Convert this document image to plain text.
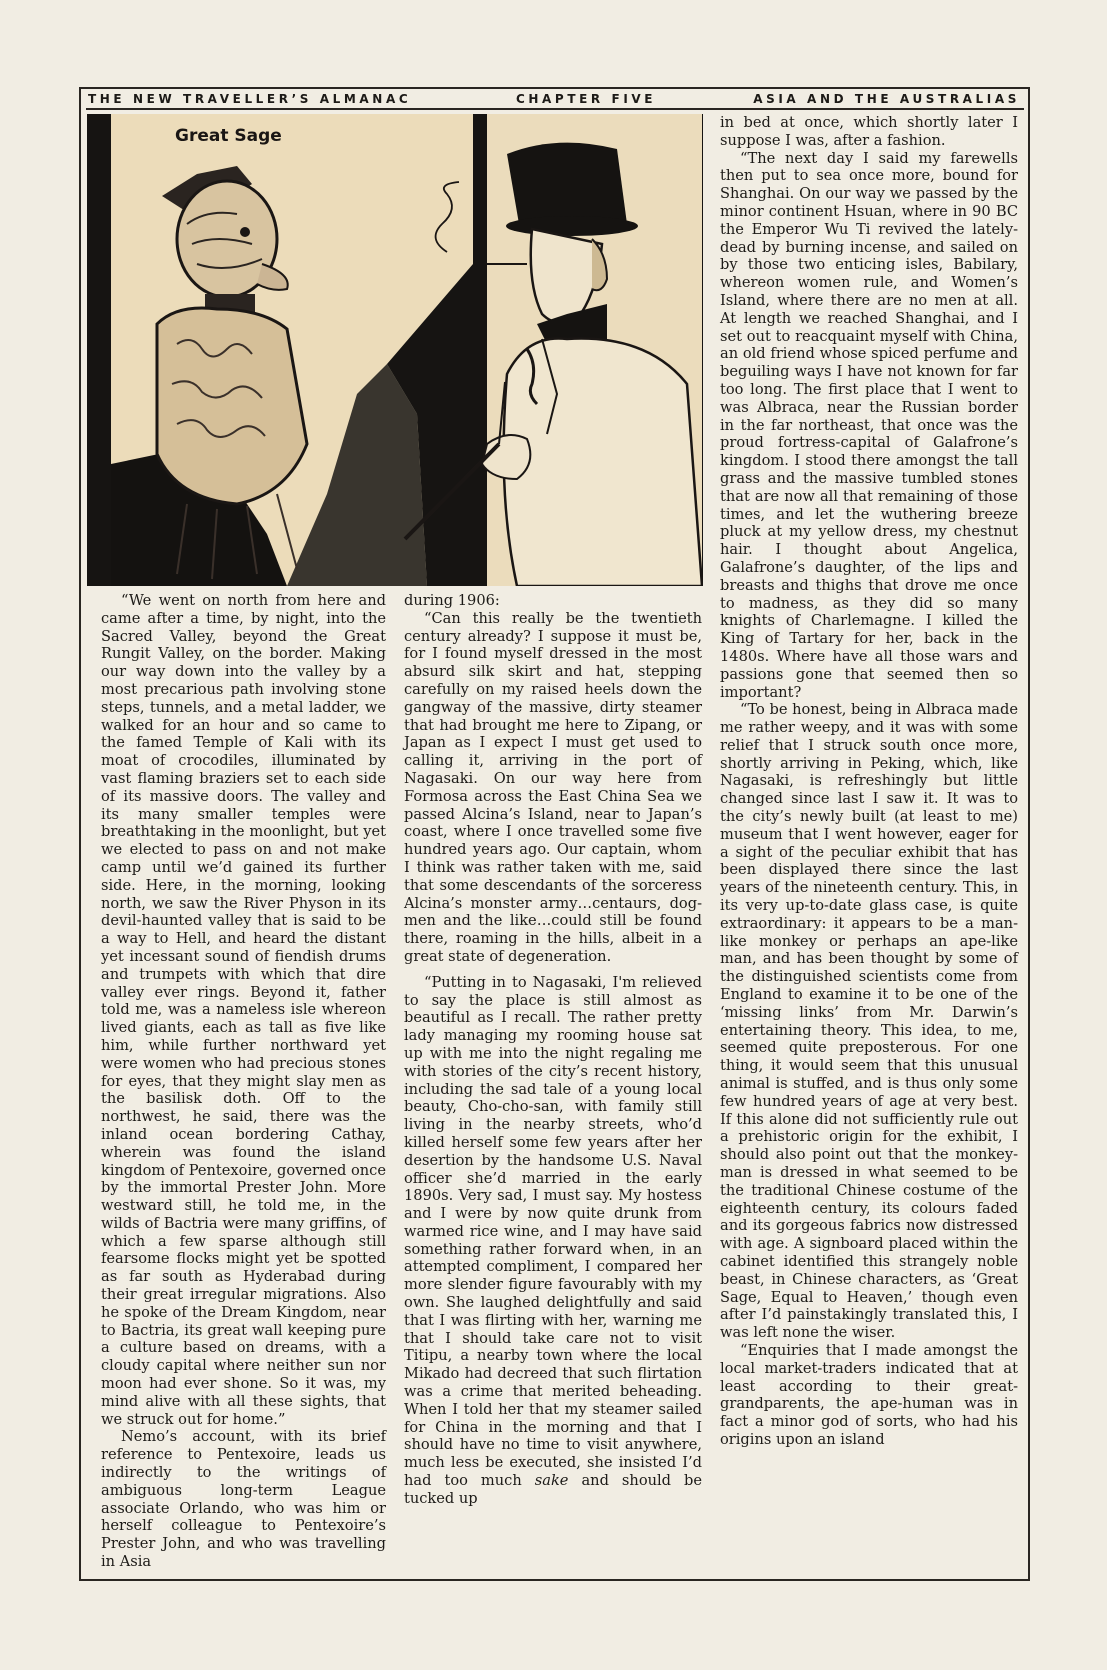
THE NEW TRAVELLER’S ALMANAC	CHAPTER FIVE	ASIA AND THE AUSTRALIAS
Great Sage

“We went on north from here and came after a time, by night, into the Sacred Valley, beyond the Great Rungit Valley, on the border. Making our way down into the valley by a most precarious path involving stone steps, tunnels, and a metal ladder, we walked for an hour and so came to the famed Temple of Kali with its moat of crocodiles, illuminated by vast flaming braziers set to each side of its massive doors. The valley and its many smaller temples were breathtaking in the moonlight, but yet we elected to pass on and not make camp until we’d gained its further side. Here, in the morning, looking north, we saw the River Physon in its devil-haunted valley that is said to be a way to Hell, and heard the distant yet incessant sound of fiendish drums and trumpets with which that dire valley ever rings. Beyond it, father told me, was a nameless isle whereon lived giants, each as tall as five like him, while further northward yet were women who had precious stones for eyes, that they might slay men as the basilisk doth. Off to the northwest, he said, there was the inland ocean bordering Cathay, wherein was found the island kingdom of Pentexoire, governed once by the immortal Prester John. More westward still, he told me, in the wilds of Bactria were many griffins, of which a few sparse although still fearsome flocks might yet be spotted as far south as Hyderabad during their great irregular migrations. Also he spoke of the Dream Kingdom, near to Bactria, its great wall keeping pure a culture based on dreams, with a cloudy capital where neither sun nor moon had ever shone. So it was, my mind alive with all these sights, that we struck out for home.”

Nemo’s account, with its brief reference to Pentexoire, leads us indirectly to the writings of ambiguous long-term League associate Orlando, who was him or herself colleague to Pentexoire’s Prester John, and who was travelling in Asia

during 1906:

“Can this really be the twentieth century already? I suppose it must be, for I found myself dressed in the most absurd silk skirt and hat, stepping carefully on my raised heels down the gangway of the massive, dirty steamer that had brought me here to Zipang, or Japan as I expect I must get used to calling it, arriving in the port of Nagasaki. On our way here from Formosa across the East China Sea we passed Alcina’s Island, near to Japan’s coast, where I once travelled some five hundred years ago. Our captain, whom I think was rather taken with me, said that some descendants of the sorceress Alcina’s monster army…centaurs, dog-men and the like…could still be found there, roaming in the hills, albeit in a great state of degeneration.

“Putting in to Nagasaki, I'm relieved to say the place is still almost as beautiful as I recall. The rather pretty lady managing my rooming house sat up with me into the night regaling me with stories of the city’s recent history, including the sad tale of a young local beauty, Cho-cho-san, with family still living in the nearby streets, who’d killed herself some few years after her desertion by the handsome U.S. Naval officer she’d married in the early 1890s. Very sad, I must say. My hostess and I were by now quite drunk from warmed rice wine, and I may have said something rather forward when, in an attempted compliment, I compared her more slender figure favourably with my own. She laughed delightfully and said that I was flirting with her, warning me that I should take care not to visit Titipu, a nearby town where the local Mikado had decreed that such flirtation was a crime that merited beheading. When I told her that my steamer sailed for China in the morning and that I should have no time to visit anywhere, much less be executed, she insisted I’d had too much sake and should be tucked up

in bed at once, which shortly later I suppose I was, after a fashion.

“The next day I said my farewells then put to sea once more, bound for Shanghai. On our way we passed by the minor continent Hsuan, where in 90 BC the Emperor Wu Ti revived the lately-dead by burning incense, and sailed on by those two enticing isles, Babilary, whereon women rule, and Women’s Island, where there are no men at all. At length we reached Shanghai, and I set out to reacquaint myself with China, an old friend whose spiced perfume and beguiling ways I have not known for far too long. The first place that I went to was Albraca, near the Russian border in the far northeast, that once was the proud fortress-capital of Galafrone’s kingdom. I stood there amongst the tall grass and the massive tumbled stones that are now all that remaining of those times, and let the wuthering breeze pluck at my yellow dress, my chestnut hair. I thought about Angelica, Galafrone’s daughter, of the lips and breasts and thighs that drove me once to madness, as they did so many knights of Charlemagne. I killed the King of Tartary for her, back in the 1480s. Where have all those wars and passions gone that seemed then so important?

“To be honest, being in Albraca made me rather weepy, and it was with some relief that I struck south once more, shortly arriving in Peking, which, like Nagasaki, is refreshingly but little changed since last I saw it. It was to the city’s newly built (at least to me) museum that I went however, eager for a sight of the peculiar exhibit that has been displayed there since the last years of the nineteenth century. This, in its very up-to-date glass case, is quite extraordinary: it appears to be a man-like monkey or perhaps an ape-like man, and has been thought by some of the distinguished scientists come from England to examine it to be one of the ‘missing links’ from Mr. Darwin’s entertaining theory. This idea, to me, seemed quite preposterous. For one thing, it would seem that this unusual animal is stuffed, and is thus only some few hundred years of age at very best. If this alone did not sufficiently rule out a prehistoric origin for the exhibit, I should also point out that the monkey-man is dressed in what seemed to be the traditional Chinese costume of the eighteenth century, its colours faded and its gorgeous fabrics now distressed with age. A signboard placed within the cabinet identified this strangely noble beast, in Chinese characters, as ‘Great Sage, Equal to Heaven,’ though even after I’d painstakingly translated this, I was left none the wiser.

“Enquiries that I made amongst the local market-traders indicated that at least according to their great-grandparents, the ape-human was in fact a minor god of sorts, who had his origins upon an island
